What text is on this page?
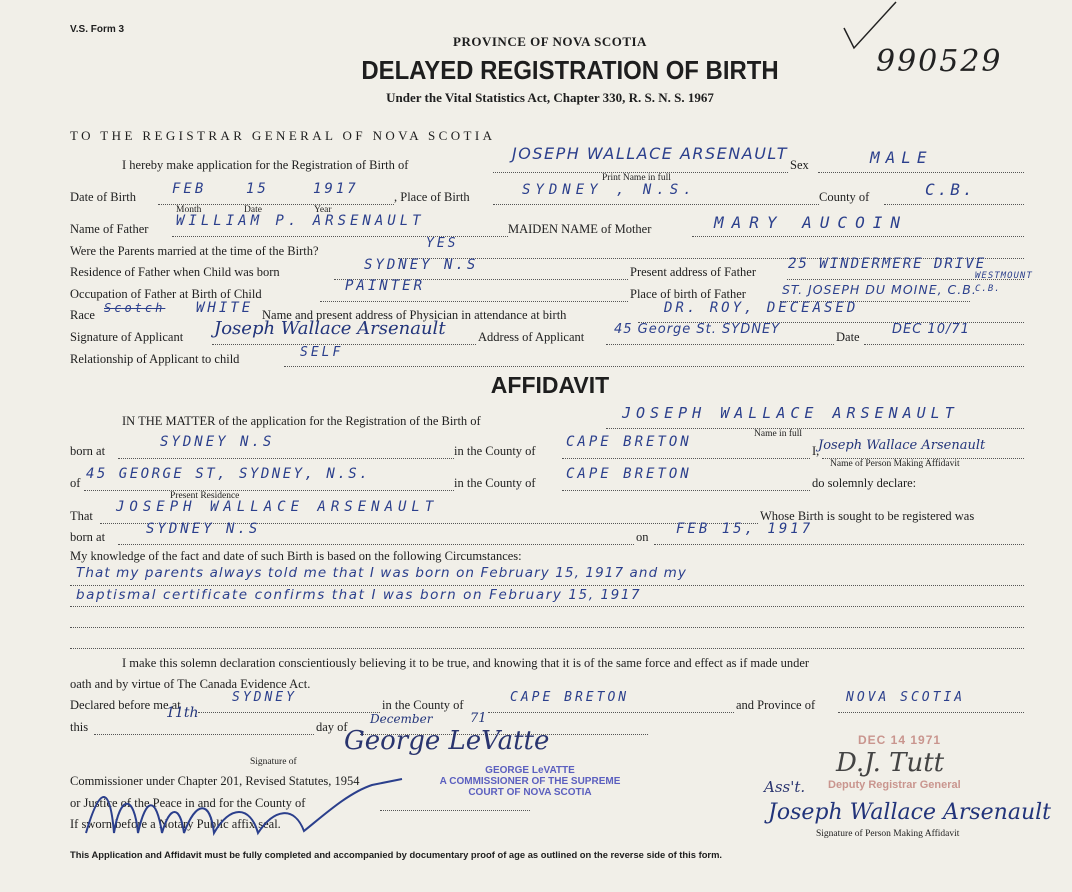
V.S. Form 3
PROVINCE OF NOVA SCOTIA
DELAYED REGISTRATION OF BIRTH
Under the Vital Statistics Act, Chapter 330, R. S. N. S. 1967
990529
TO THE REGISTRAR GENERAL OF NOVA SCOTIA
I hereby make application for the Registration of Birth of
JOSEPH WALLACE ARSENAULT
Sex	MALE
Print Name in full
Date of Birth	FEB	15	1917	, Place of Birth	SYDNEY , N.S.	County of	C.B.
Month	Date	Year
Name of Father WILLIAM P. ARSENAULT	MAIDEN NAME of Mother	MARY AUCOIN
Were the Parents married at the time of the Birth?	YES
Residence of Father when Child was born	SYDNEY N.S	Present address of Father 25 WINDERMERE DRIVE
WESTMOUNT C.B.
Occupation of Father at Birth of Child	PAINTER	Place of birth of Father	ST. JOSEPH DU MOINE, C.B.
Race Scotch WHITE Name and present address of Physician in attendance at birth	DR. ROY, DECEASED
Signature of Applicant Joseph Wallace Arsenault	Address of Applicant 45 George St. SYDNEY	Date DEC 10/71
Relationship of Applicant to child	SELF
AFFIDAVIT
IN THE MATTER of the application for the Registration of the Birth of	JOSEPH WALLACE ARSENAULT
Name in full
born at
SYDNEY N.S
in the County of
CAPE BRETON
I,
Joseph Wallace Arsenault
Name of Person Making Affidavit
of
45 GEORGE ST, SYDNEY, N.S.
in the County of
CAPE BRETON
do solemnly declare:
Present Residence
That
JOSEPH WALLACE ARSENAULT
Whose Birth is sought to be registered was
born at	SYDNEY N.S	on FEB 15, 1917
My knowledge of the fact and date of such Birth is based on the following Circumstances:
That my parents always told me that I was born on February 15, 1917 and my
baptismal certificate confirms that I was born on February 15, 1917
I make this solemn declaration conscientiously believing it to be true, and knowing that it is of the same force and effect as if made under
oath and by virtue of The Canada Evidence Act.
Declared before me at	SYDNEY	in the County of	CAPE BRETON	and Province of NOVA SCOTIA
this
11th
day of
December	71
George LeVatte
Signature of
Commissioner under Chapter 201, Revised Statutes, 1954
or Justice of the Peace in and for the County of
If sworn before a Notary Public affix seal.
GEORGE LeVATTE
A COMMISSIONER OF THE SUPREME
COURT OF NOVA SCOTIA
DEC 14 1971
D.J. Tutt
Deputy Registrar General
Ass't.
Joseph Wallace Arsenault
Signature of Person Making Affidavit
This Application and Affidavit must be fully completed and accompanied by documentary proof of age as outlined on the reverse side of this form.
